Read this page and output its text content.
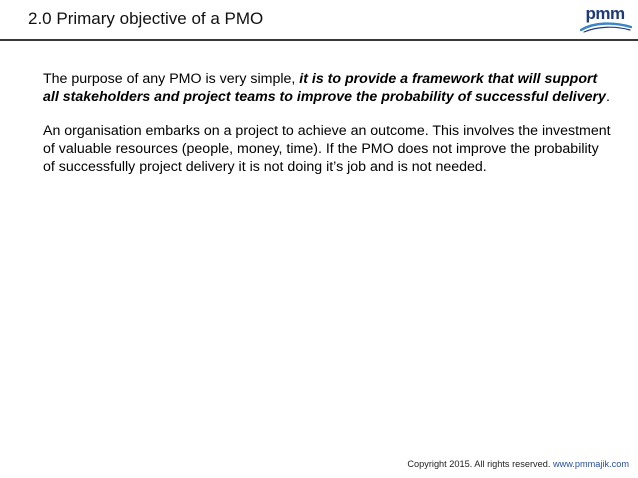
2.0 Primary objective of a PMO	pmm

The purpose of any PMO is very simple, it is to provide a framework that will support all stakeholders and project teams to improve the probability of successful delivery.

An organisation embarks on a project to achieve an outcome. This involves the investment of valuable resources (people, money, time). If the PMO does not improve the probability of successfully project delivery it is not doing it’s job and is not needed.

Copyright 2015. All rights reserved. www.pmmajik.com
